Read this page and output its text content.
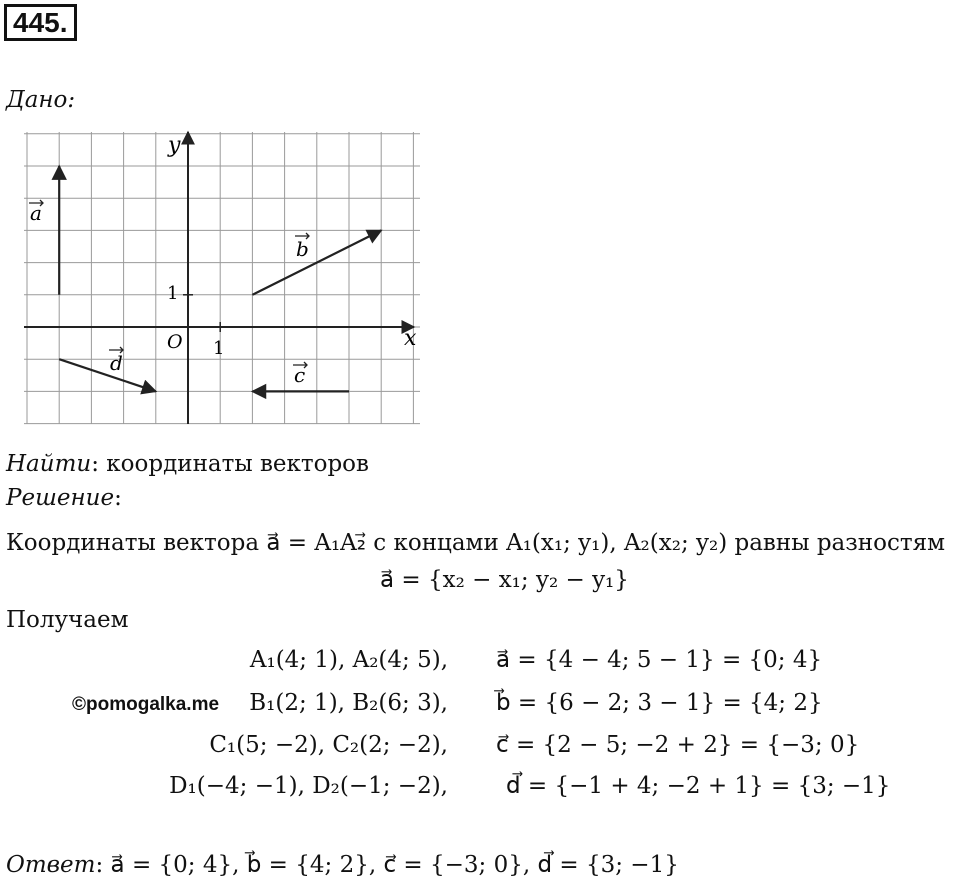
445.
Дано:
x
y
O 1
1
a
b
c
d
Найти: координаты векторов
Решение:
Координаты вектора a⃗ = A₁A₂⃗ с концами A₁(x₁; y₁), A₂(x₂; y₂) равны разностям
a⃗ = {x₂ − x₁; y₂ − y₁}
Получаем
A₁(4; 1), A₂(4; 5), a⃗ = {4 − 4; 5 − 1} = {0; 4}
©pomogalka.me B₁(2; 1), B₂(6; 3), b⃗ = {6 − 2; 3 − 1} = {4; 2}
C₁(5; −2), C₂(2; −2), c⃗ = {2 − 5; −2 + 2} = {−3; 0}
D₁(−4; −1), D₂(−1; −2),	d⃗ = {−1 + 4; −2 + 1} = {3; −1}
Ответ: a⃗ = {0; 4}, b⃗ = {4; 2}, c⃗ = {−3; 0}, d⃗ = {3; −1}
